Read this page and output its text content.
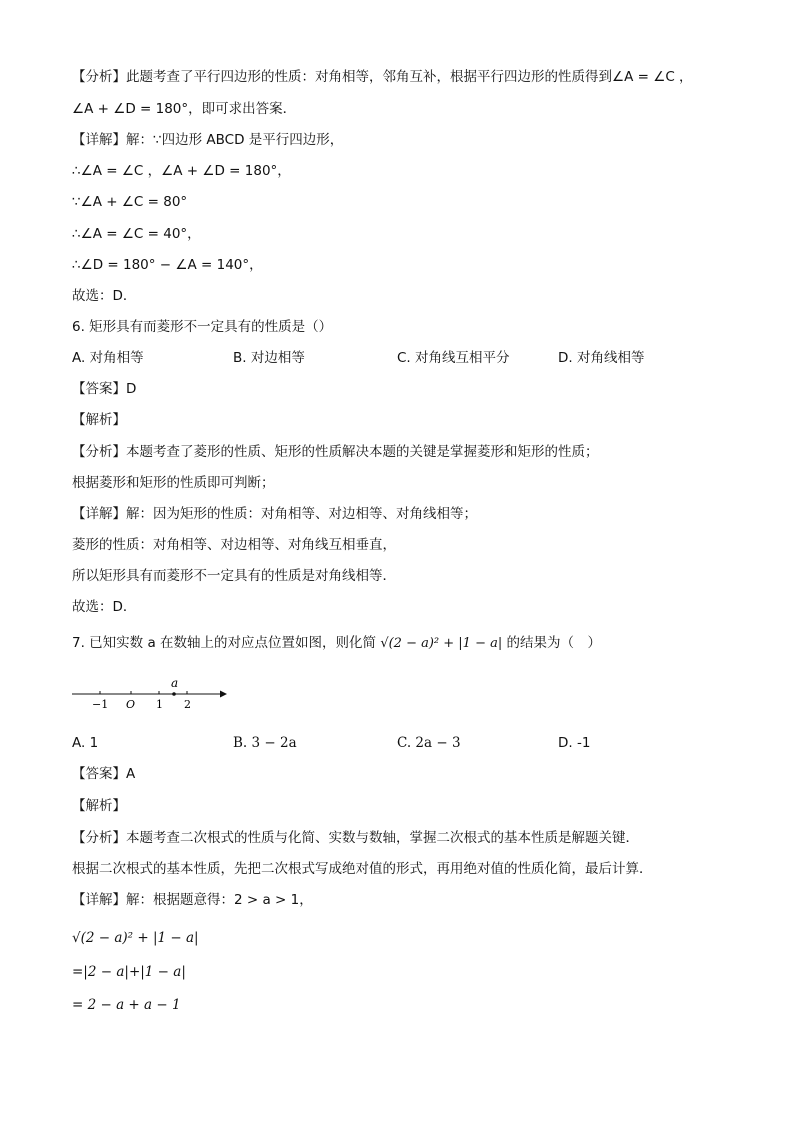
【分析】此题考查了平行四边形的性质：对角相等，邻角互补，根据平行四边形的性质得到∠A = ∠C ，
∠A + ∠D = 180°，即可求出答案．
【详解】解：∵四边形 ABCD 是平行四边形，
∴∠A = ∠C ，∠A + ∠D = 180°，
∵∠A + ∠C = 80°
∴∠A = ∠C = 40°，
∴∠D = 180° − ∠A = 140°，
故选：D．
6. 矩形具有而菱形不一定具有的性质是（）
A. 对角相等	B. 对边相等	C. 对角线互相平分	D. 对角线相等
【答案】D
【解析】
【分析】本题考查了菱形的性质、矩形的性质解决本题的关键是掌握菱形和矩形的性质；
根据菱形和矩形的性质即可判断；
【详解】解：因为矩形的性质：对角相等、对边相等、对角线相等；
菱形的性质：对角相等、对边相等、对角线互相垂直，
所以矩形具有而菱形不一定具有的性质是对角线相等．
故选：D．
7. 已知实数 a 在数轴上的对应点位置如图，则化简 √(2 − a)² + |1 − a| 的结果为（　）
a
−1 O 1 2
A. 1	B. 3 − 2a	C. 2a − 3	D. -1
【答案】A
【解析】
【分析】本题考查二次根式的性质与化简、实数与数轴，掌握二次根式的基本性质是解题关键．
根据二次根式的基本性质，先把二次根式写成绝对值的形式，再用绝对值的性质化简，最后计算．
【详解】解：根据题意得：2 > a > 1，
√(2 − a)² + |1 − a|
=|2 − a|+|1 − a|
= 2 − a + a − 1
